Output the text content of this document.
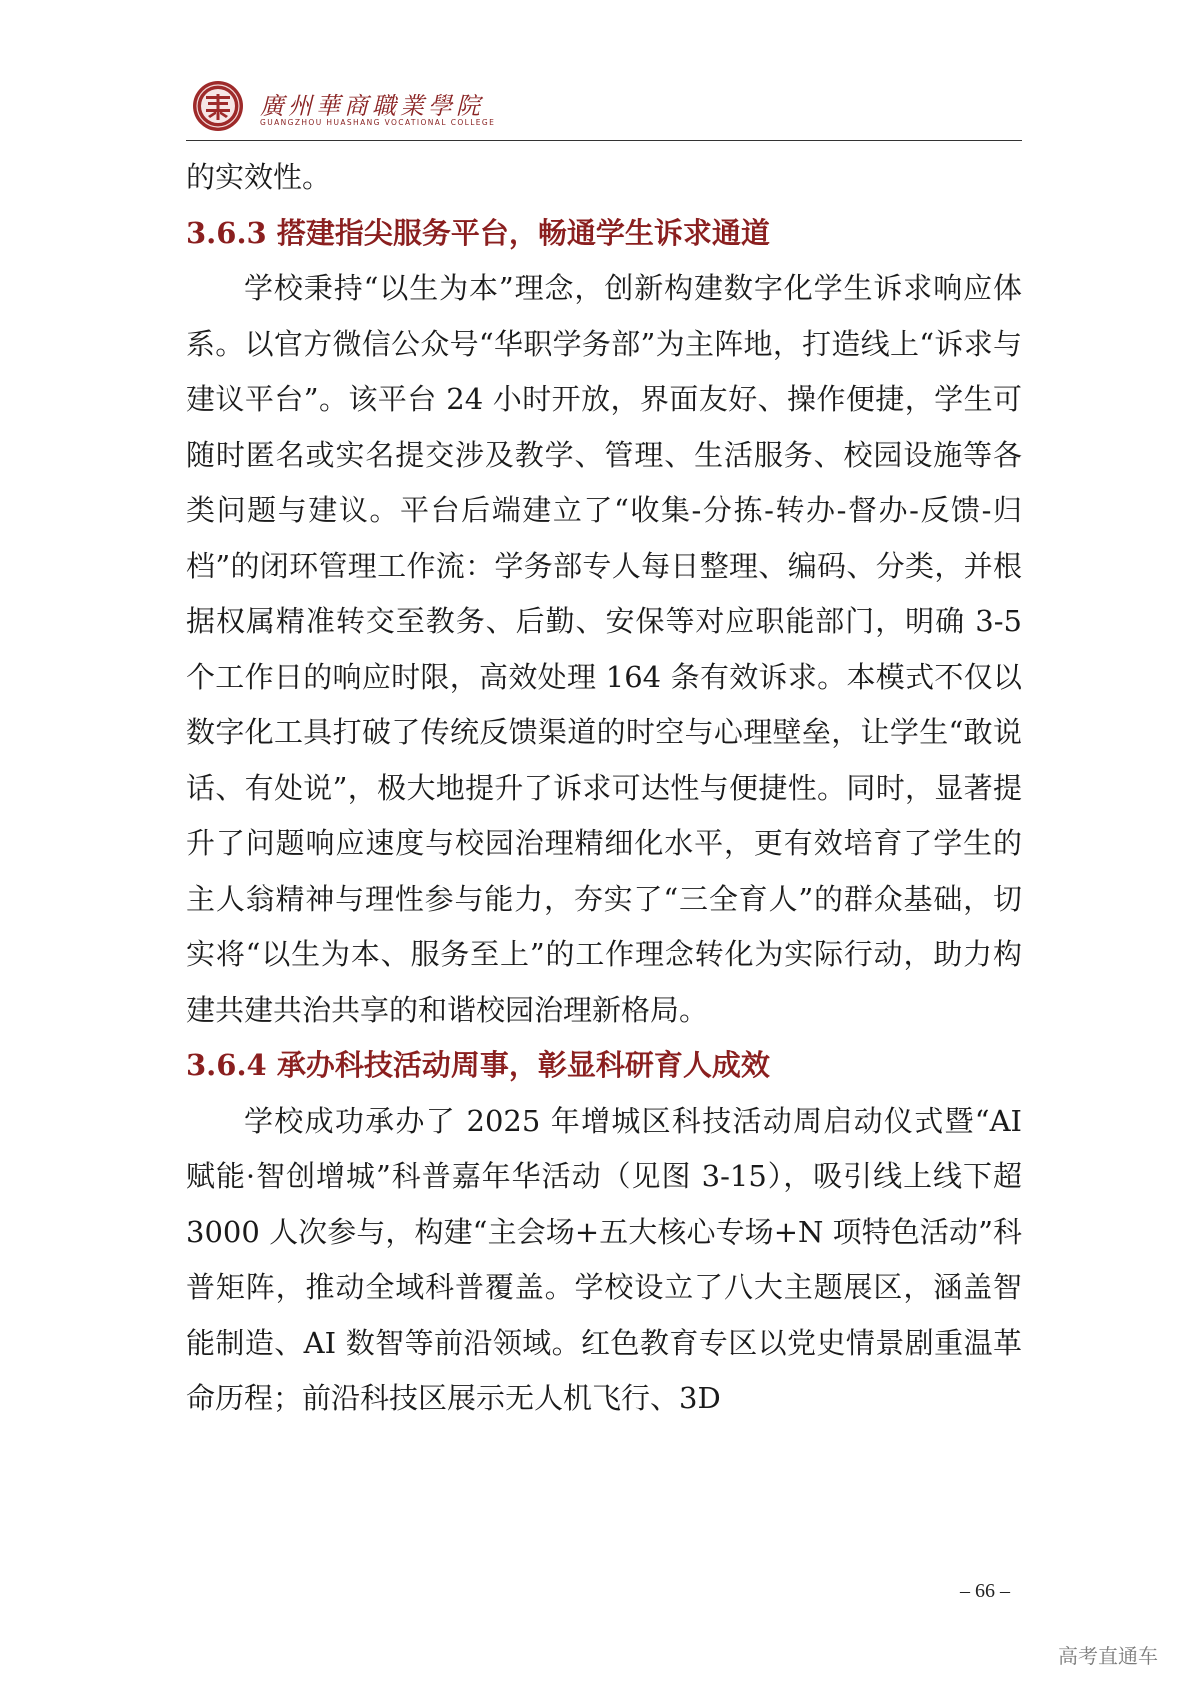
廣州華商職業學院
GUANGZHOU HUASHANG VOCATIONAL COLLEGE

的实效性。

3.6.3 搭建指尖服务平台，畅通学生诉求通道

学校秉持“以生为本”理念，创新构建数字化学生诉求响应体系。以官方微信公众号“华职学务部”为主阵地，打造线上“诉求与建议平台”。该平台 24 小时开放，界面友好、操作便捷，学生可随时匿名或实名提交涉及教学、管理、生活服务、校园设施等各类问题与建议。平台后端建立了“收集-分拣-转办-督办-反馈-归档”的闭环管理工作流：学务部专人每日整理、编码、分类，并根据权属精准转交至教务、后勤、安保等对应职能部门，明确 3-5 个工作日的响应时限，高效处理 164 条有效诉求。本模式不仅以数字化工具打破了传统反馈渠道的时空与心理壁垒，让学生“敢说话、有处说”，极大地提升了诉求可达性与便捷性。同时，显著提升了问题响应速度与校园治理精细化水平，更有效培育了学生的主人翁精神与理性参与能力，夯实了“三全育人”的群众基础，切实将“以生为本、服务至上”的工作理念转化为实际行动，助力构建共建共治共享的和谐校园治理新格局。

3.6.4 承办科技活动周事，彰显科研育人成效

学校成功承办了 2025 年增城区科技活动周启动仪式暨“AI 赋能·智创增城”科普嘉年华活动（见图 3-15），吸引线上线下超 3000 人次参与，构建“主会场+五大核心专场+N 项特色活动”科普矩阵，推动全域科普覆盖。学校设立了八大主题展区，涵盖智能制造、AI 数智等前沿领域。红色教育专区以党史情景剧重温革命历程；前沿科技区展示无人机飞行、3D

– 66 –
高考直通车
